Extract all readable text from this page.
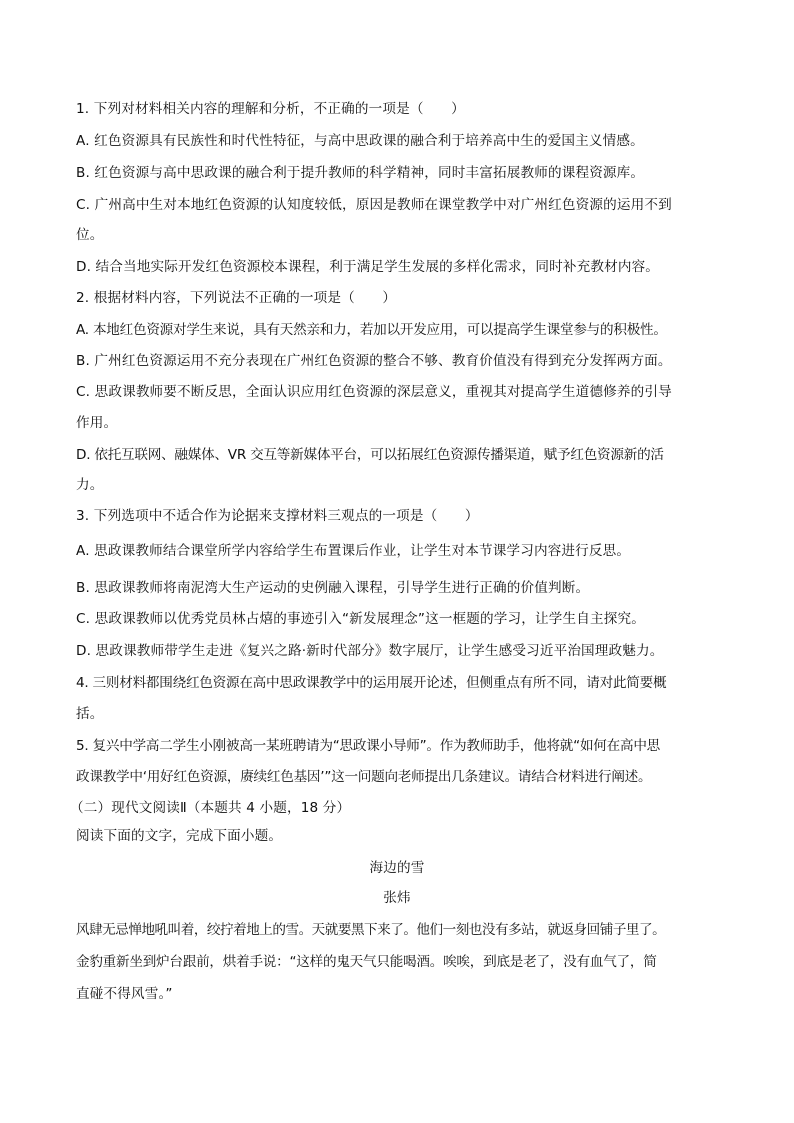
1. 下列对材料相关内容的理解和分析，不正确的一项是（　　）
A. 红色资源具有民族性和时代性特征，与高中思政课的融合利于培养高中生的爱国主义情感。
B. 红色资源与高中思政课的融合利于提升教师的科学精神，同时丰富拓展教师的课程资源库。
C. 广州高中生对本地红色资源的认知度较低，原因是教师在课堂教学中对广州红色资源的运用不到
位。
D. 结合当地实际开发红色资源校本课程，利于满足学生发展的多样化需求，同时补充教材内容。
2. 根据材料内容，下列说法不正确的一项是（　　）
A. 本地红色资源对学生来说，具有天然亲和力，若加以开发应用，可以提高学生课堂参与的积极性。
B. 广州红色资源运用不充分表现在广州红色资源的整合不够、教育价值没有得到充分发挥两方面。
C. 思政课教师要不断反思，全面认识应用红色资源的深层意义，重视其对提高学生道德修养的引导
作用。
D. 依托互联网、融媒体、VR 交互等新媒体平台，可以拓展红色资源传播渠道，赋予红色资源新的活
力。
3. 下列选项中不适合作为论据来支撑材料三观点的一项是（　　）
A. 思政课教师结合课堂所学内容给学生布置课后作业，让学生对本节课学习内容进行反思。
B. 思政课教师将南泥湾大生产运动的史例融入课程，引导学生进行正确的价值判断。
C. 思政课教师以优秀党员林占熺的事迹引入“新发展理念”这一框题的学习，让学生自主探究。
D. 思政课教师带学生走进《复兴之路·新时代部分》数字展厅，让学生感受习近平治国理政魅力。
4. 三则材料都围绕红色资源在高中思政课教学中的运用展开论述，但侧重点有所不同，请对此简要概
括。
5. 复兴中学高二学生小刚被高一某班聘请为“思政课小导师”。作为教师助手，他将就“如何在高中思
政课教学中‘用好红色资源，赓续红色基因’”这一问题向老师提出几条建议。请结合材料进行阐述。
（二）现代文阅读Ⅱ（本题共 4 小题，18 分）
阅读下面的文字，完成下面小题。
海边的雪
张炜
风肆无忌惮地吼叫着，绞拧着地上的雪。天就要黑下来了。他们一刻也没有多站，就返身回铺子里了。
金豹重新坐到炉台跟前，烘着手说：“这样的鬼天气只能喝酒。唉唉，到底是老了，没有血气了，简
直碰不得风雪。”
